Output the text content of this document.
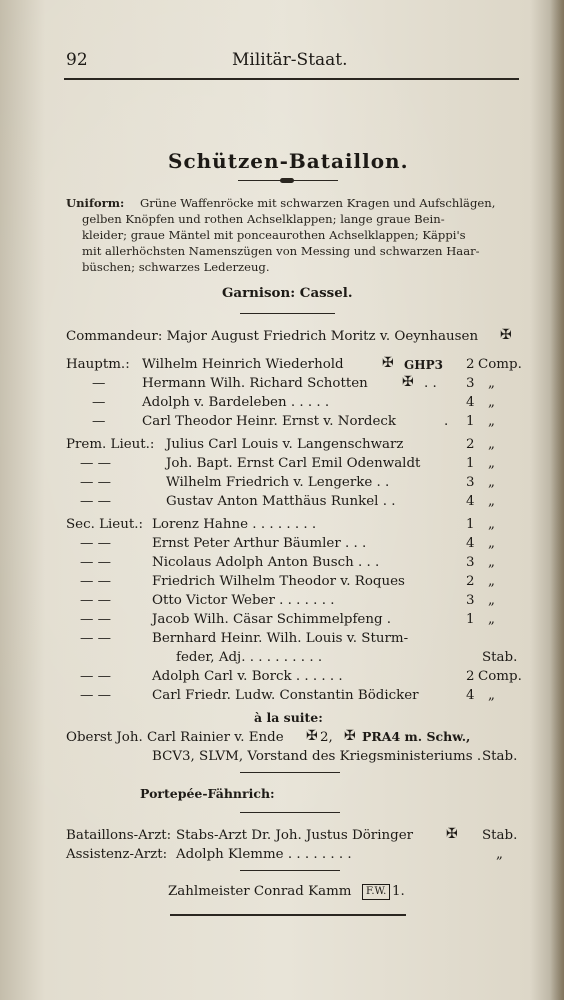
92	Militär-Staat.
Schützen-Bataillon.
Uniform: Grüne Waffenröcke mit schwarzen Kragen und Aufschlägen,
gelben Knöpfen und rothen Achselklappen; lange graue Bein-
kleider; graue Mäntel mit ponceaurothen Achselklappen; Käppi's
mit allerhöchsten Namenszügen von Messing und schwarzen Haar-
büschen; schwarzes Lederzeug.
Garnison: Cassel.
Commandeur: Major August Friedrich Moritz v. Oeynhausen ✠
Hauptm.: Wilhelm Heinrich Wiederhold	✠ GHP3 2 Comp.
—	Hermann Wilh. Richard Schotten ✠ . . 3 „
—	Adolph v. Bardeleben . . . . .	4 „
—	Carl Theodor Heinr. Ernst v. Nordeck	. 1 „
Prem. Lieut.: Julius Carl Louis v. Langenschwarz	2 „
— —	Joh. Bapt. Ernst Carl Emil Odenwaldt	1 „
— —	Wilhelm Friedrich v. Lengerke . .	3 „
— —	Gustav Anton Matthäus Runkel . .	4 „
Sec. Lieut.: Lorenz Hahne . . . . . . . .	1 „
— —	Ernst Peter Arthur Bäumler . . .	4 „
— —	Nicolaus Adolph Anton Busch . . .	3 „
— —	Friedrich Wilhelm Theodor v. Roques	2 „
— —	Otto Victor Weber . . . . . . .	3 „
— —	Jacob Wilh. Cäsar Schimmelpfeng .	1 „
— —	Bernhard Heinr. Wilh. Louis v. Sturm-
feder, Adj. . . . . . . . . .	Stab.
— —	Adolph Carl v. Borck . . . . . .	2 Comp.
— —	Carl Friedr. Ludw. Constantin Bödicker	4 „
à la suite:
Oberst Joh. Carl Rainier v. Ende ✠ 2, ✠ PRA4 m. Schw.,
BCV3, SLVM, Vorstand des Kriegsministeriums . Stab.
Portepée-Fähnrich:
Bataillons-Arzt: Stabs-Arzt Dr. Joh. Justus Döringer ✠ Stab.
Assistenz-Arzt: Adolph Klemme . . . . . . . .	„
Zahlmeister Conrad Kamm	F.W. 1.
